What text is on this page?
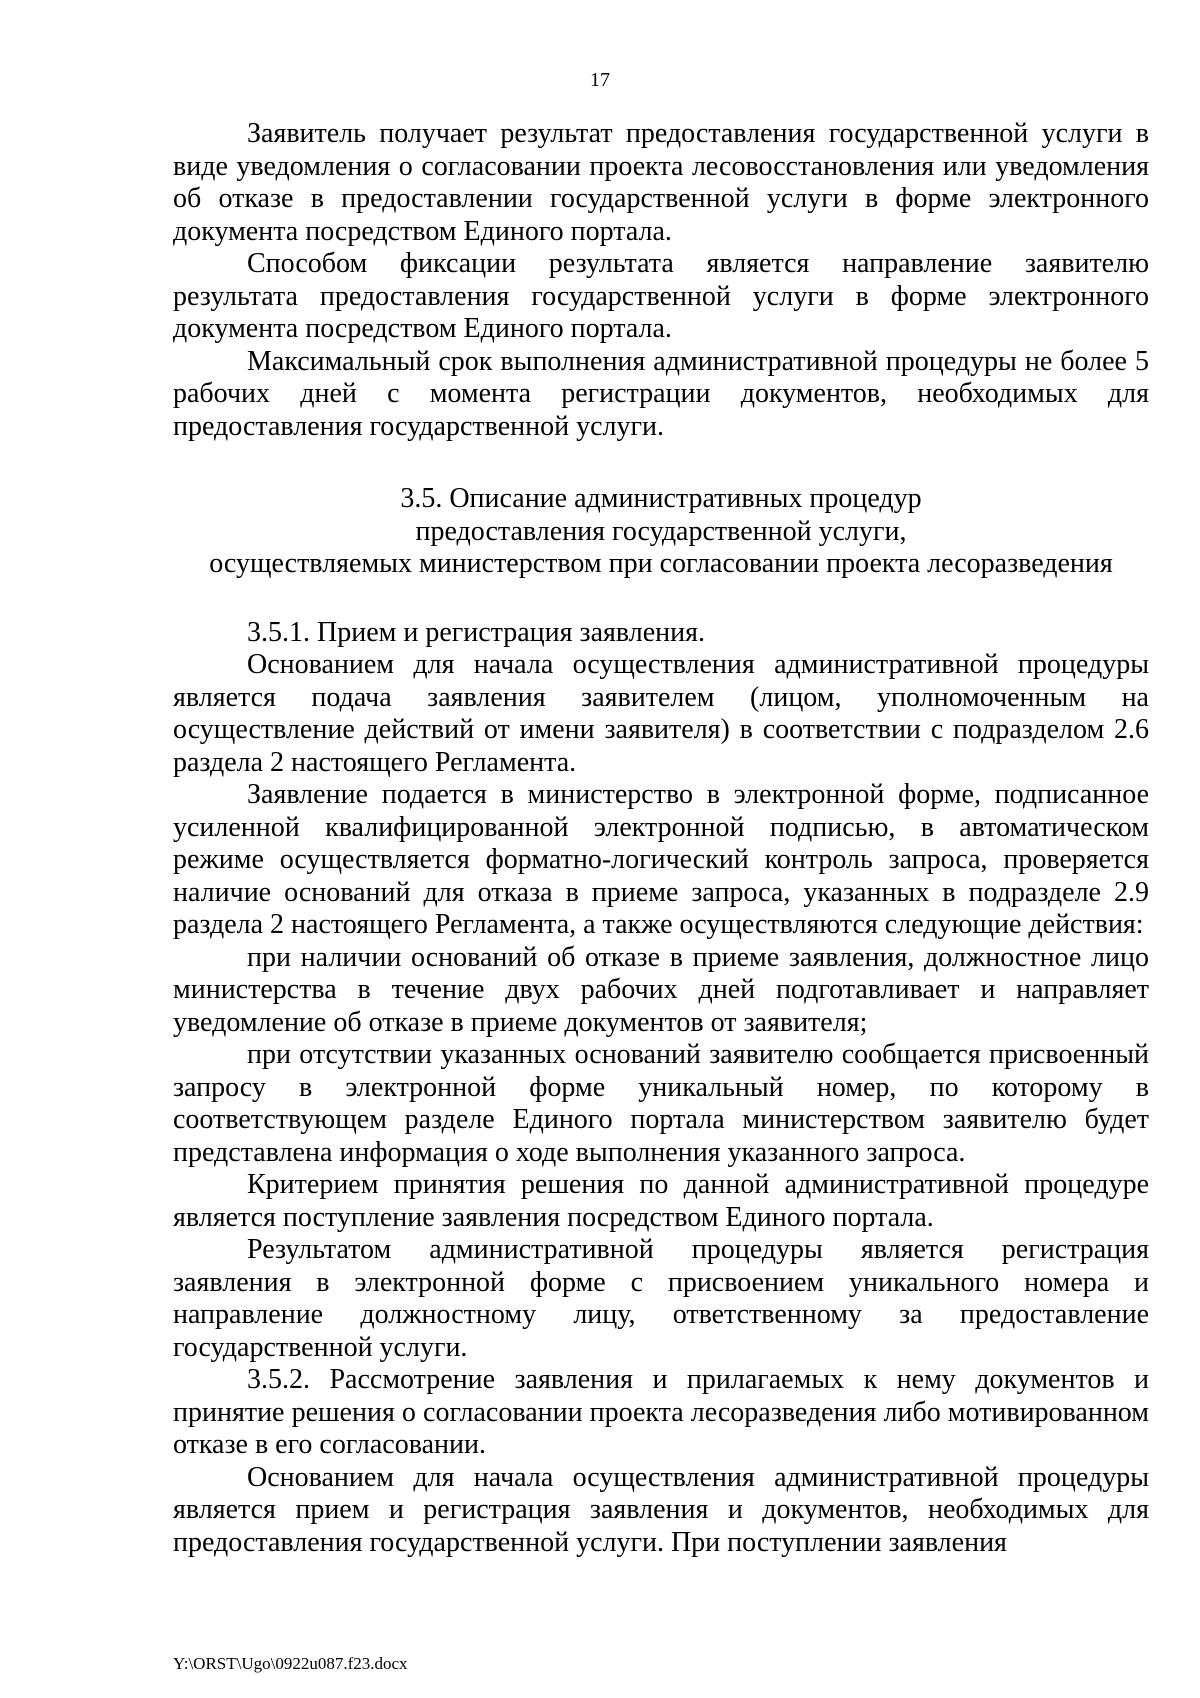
17

Заявитель получает результат предоставления государственной услуги в виде уведомления о согласовании проекта лесовосстановления или уведомления об отказе в предоставлении государственной услуги в форме электронного документа посредством Единого портала.

Способом фиксации результата является направление заявителю результата предоставления государственной услуги в форме электронного документа посредством Единого портала.

Максимальный срок выполнения административной процедуры не более 5 рабочих дней с момента регистрации документов, необходимых для предоставления государственной услуги.

3.5. Описание административных процедур
предоставления государственной услуги,
осуществляемых министерством при согласовании проекта лесоразведения

3.5.1. Прием и регистрация заявления.

Основанием для начала осуществления административной процедуры является подача заявления заявителем (лицом, уполномоченным на осуществление действий от имени заявителя) в соответствии с подразделом 2.6 раздела 2 настоящего Регламента.

Заявление подается в министерство в электронной форме, подписанное усиленной квалифицированной электронной подписью, в автоматическом режиме осуществляется форматно-логический контроль запроса, проверяется наличие оснований для отказа в приеме запроса, указанных в подразделе 2.9 раздела 2 настоящего Регламента, а также осуществляются следующие действия:

при наличии оснований об отказе в приеме заявления, должностное лицо министерства в течение двух рабочих дней подготавливает и направляет уведомление об отказе в приеме документов от заявителя;

при отсутствии указанных оснований заявителю сообщается присвоенный запросу в электронной форме уникальный номер, по которому в соответствующем разделе Единого портала министерством заявителю будет представлена информация о ходе выполнения указанного запроса.

Критерием принятия решения по данной административной процедуре является поступление заявления посредством Единого портала.

Результатом административной процедуры является регистрация заявления в электронной форме с присвоением уникального номера и направление должностному лицу, ответственному за предоставление государственной услуги.

3.5.2. Рассмотрение заявления и прилагаемых к нему документов и принятие решения о согласовании проекта лесоразведения либо мотивированном отказе в его согласовании.

Основанием для начала осуществления административной процедуры является прием и регистрация заявления и документов, необходимых для предоставления государственной услуги. При поступлении заявления

Y:\ORST\Ugo\0922u087.f23.docx
